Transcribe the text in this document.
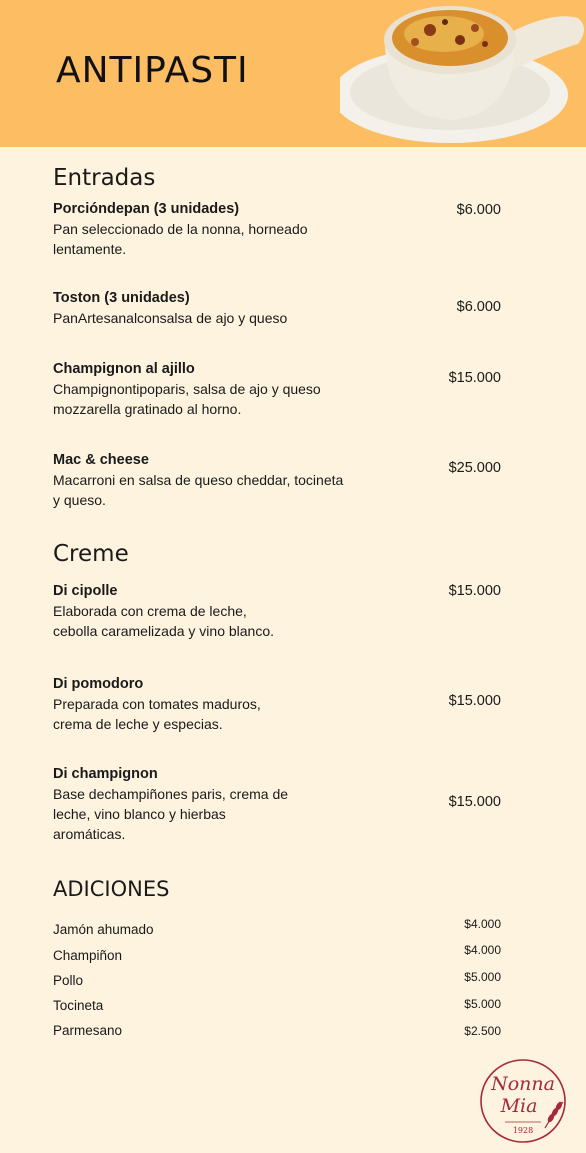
ANTIPASTI
Entradas
Porcióndepan (3 unidades)
Pan seleccionado de la nonna, horneado
lentamente.
$6.000
Toston (3 unidades)
PanArtesanalconsalsa de ajo y queso
$6.000
Champignon al ajillo
Champignontipoparis, salsa de ajo y queso
mozzarella gratinado al horno.
$15.000
Mac & cheese
Macarroni en salsa de queso cheddar, tocineta
y queso.
$25.000
Creme
Di cipolle
Elaborada con crema de leche,
cebolla caramelizada y vino blanco.
$15.000
Di pomodoro
Preparada con tomates maduros,
crema de leche y especias.
$15.000
Di champignon
Base dechampiñones paris, crema de
leche, vino blanco y hierbas
aromáticas.
$15.000
ADICIONES
Jamón ahumado	$4.000
Champiñon	$4.000
Pollo	$5.000
Tocineta	$5.000
Parmesano	$2.500
Nonna
Mia
1928
